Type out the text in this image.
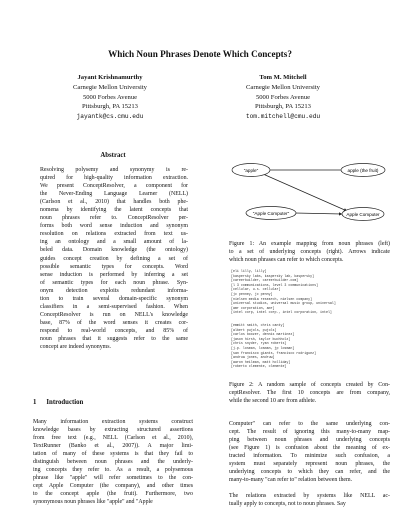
Which Noun Phrases Denote Which Concepts?
Jayant Krishnamurthy
Carnegie Mellon University
5000 Forbes Avenue
Pittsburgh, PA 15213
jayantk@cs.cmu.edu
Tom M. Mitchell
Carnegie Mellon University
5000 Forbes Avenue
Pittsburgh, PA 15213
tom.mitchell@cmu.edu
Abstract
Resolving polysemy and synonymy is re-
quired for high-quality information extraction.
We present ConceptResolver, a component for
the Never-Ending Language Learner (NELL)
(Carlson et al., 2010) that handles both phe-
nomena by identifying the latent concepts that
noun phrases refer to. ConceptResolver per-
forms both word sense induction and synonym
resolution on relations extracted from text us-
ing an ontology and a small amount of la-
beled data. Domain knowledge (the ontology)
guides concept creation by defining a set of
possible semantic types for concepts. Word
sense induction is performed by inferring a set
of semantic types for each noun phrase. Syn-
onym detection exploits redundant informa-
tion to train several domain-specific synonym
classifiers in a semi-supervised fashion. When
ConceptResolver is run on NELL's knowledge
base, 87% of the word senses it creates cor-
respond to real-world concepts, and 85% of
noun phrases that it suggests refer to the same
concept are indeed synonyms.
1 Introduction
Many information extraction systems construct
knowledge bases by extracting structured assertions
from free text (e.g., NELL (Carlson et al., 2010),
TextRunner (Banko et al., 2007)). A major limi-
tation of many of these systems is that they fail to
distinguish between noun phrases and the underly-
ing concepts they refer to. As a result, a polysemous
phrase like "apple" will refer sometimes to the con-
cept Apple Computer (the company), and other times
to the concept apple (the fruit). Furthermore, two
synonymous noun phrases like "apple" and "Apple
"apple"	apple (the fruit)
"Apple Computer"	Apple Computer
Figure 1: An example mapping from noun phrases (left)
to a set of underlying concepts (right). Arrows indicate
which noun phrases can refer to which concepts.
[eli lilly, lilly]
[kaspersky labs, kaspersky lab, kaspersky]
[careerbuilder, careerbuilder.com]
[l 3 communications, level 3 communications]
[cellular, u.s. cellular]
[jc penney, jc penny]
[nielsen media research, nielsen company]
[universal studios, universal music group, universal]
[amr corporation, amr]
[intel corp, intel corp., intel corporation, intel]
[emmitt smith, chris canty]
[albert pujols, pujols]
[carlos boozer, dennis martinez]
[jason hirsh, taylor buchholz]
[chris snyder, ryan roberts]
[j.p. losman, losman, jp losman]
[san francisco giants, francisco rodriguez]
[andruw jones, andruw]
[aaron heilman, matt holliday]
[roberto clemente, clemente]
Figure 2: A random sample of concepts created by Con-
ceptResolver. The first 10 concepts are from company,
while the second 10 are from athlete.
Computer" can refer to the same underlying con-
cept. The result of ignoring this many-to-many map-
ping between noun phrases and underlying concepts
(see Figure 1) is confusion about the meaning of ex-
tracted information. To minimize such confusion, a
system must separately represent noun phrases, the
underlying concepts to which they can refer, and the
many-to-many "can refer to" relation between them.

The relations extracted by systems like NELL ac-
tually apply to concepts, not to noun phrases. Say
